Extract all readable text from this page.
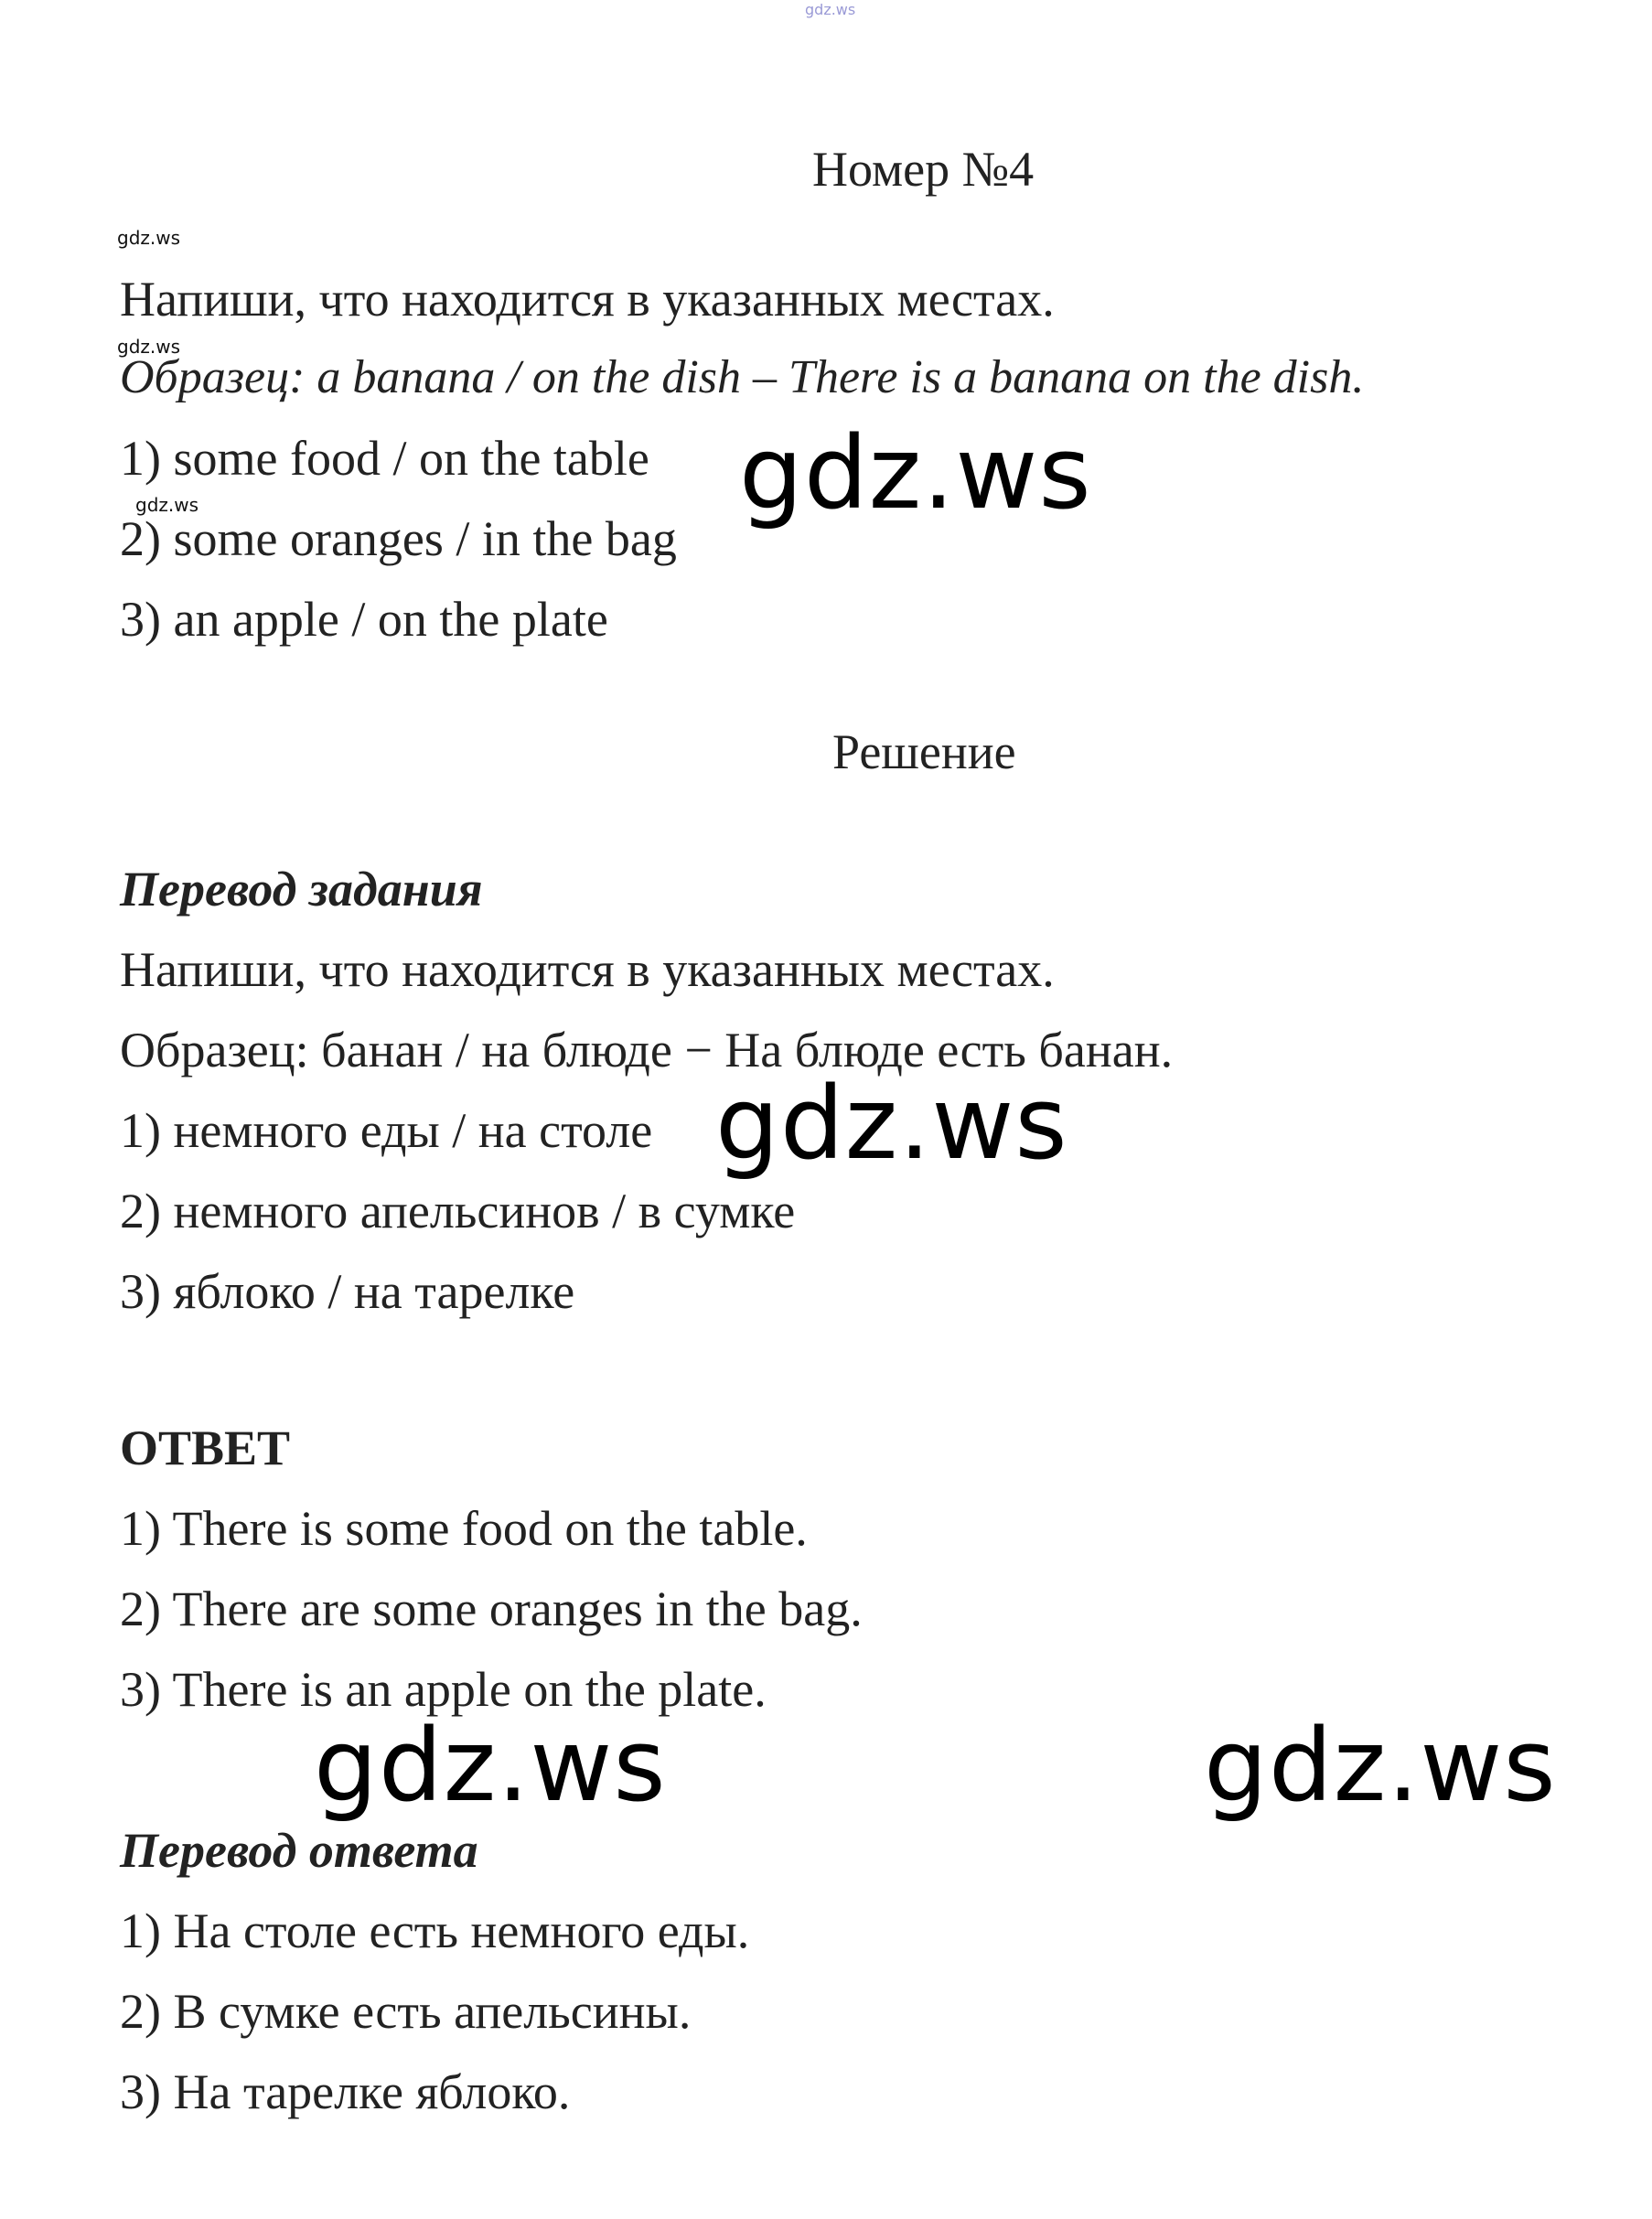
gdz.ws
Номер №4
gdz.ws
Напиши, что находится в указанных местах.
gdz.ws
Образец: a banana / on the dish – There is a banana on the dish.
1) some food / on the table gdz.ws
gdz.ws
2) some oranges / in the bag
3) an apple / on the plate
Решение
Перевод задания
Напиши, что находится в указанных местах.
Образец: банан / на блюде − На блюде есть банан.
1) немного еды / на столе gdz.ws
2) немного апельсинов / в сумке
3) яблоко / на тарелке
ОТВЕТ
1) There is some food on the table.
2) There are some oranges in the bag.
3) There is an apple on the plate.
gdz.ws	gdz.ws
Перевод ответа
1) На столе есть немного еды.
2) В сумке есть апельсины.
3) На тарелке яблоко.
